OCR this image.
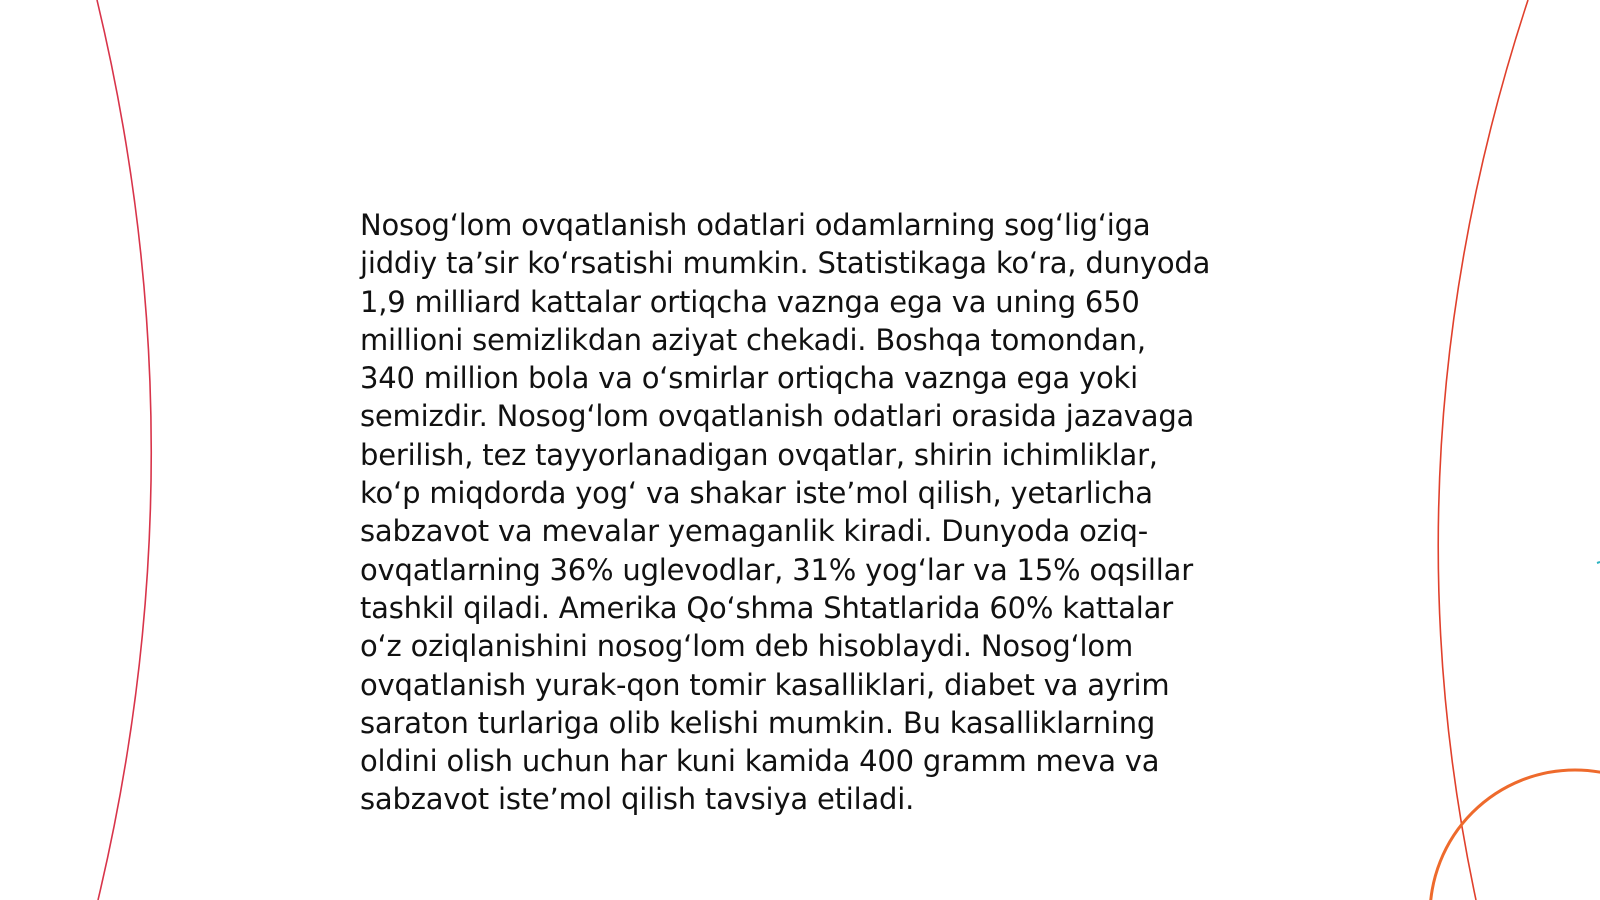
Nosogʻlom ovqatlanish odatlari odamlarning sogʻligʻiga
jiddiy taʼsir koʻrsatishi mumkin. Statistikaga koʻra, dunyoda
1,9 milliard kattalar ortiqcha vaznga ega va uning 650
millioni semizlikdan aziyat chekadi. Boshqa tomondan,
340 million bola va oʻsmirlar ortiqcha vaznga ega yoki
semizdir. Nosogʻlom ovqatlanish odatlari orasida jazavaga
berilish, tez tayyorlanadigan ovqatlar, shirin ichimliklar,
koʻp miqdorda yogʻ va shakar isteʼmol qilish, yetarlicha
sabzavot va mevalar yemaganlik kiradi. Dunyoda oziq-
ovqatlarning 36% uglevodlar, 31% yogʻlar va 15% oqsillar
tashkil qiladi. Amerika Qoʻshma Shtatlarida 60% kattalar
oʻz oziqlanishini nosogʻlom deb hisoblaydi. Nosogʻlom
ovqatlanish yurak-qon tomir kasalliklari, diabet va ayrim
saraton turlariga olib kelishi mumkin. Bu kasalliklarning
oldini olish uchun har kuni kamida 400 gramm meva va
sabzavot isteʼmol qilish tavsiya etiladi.
